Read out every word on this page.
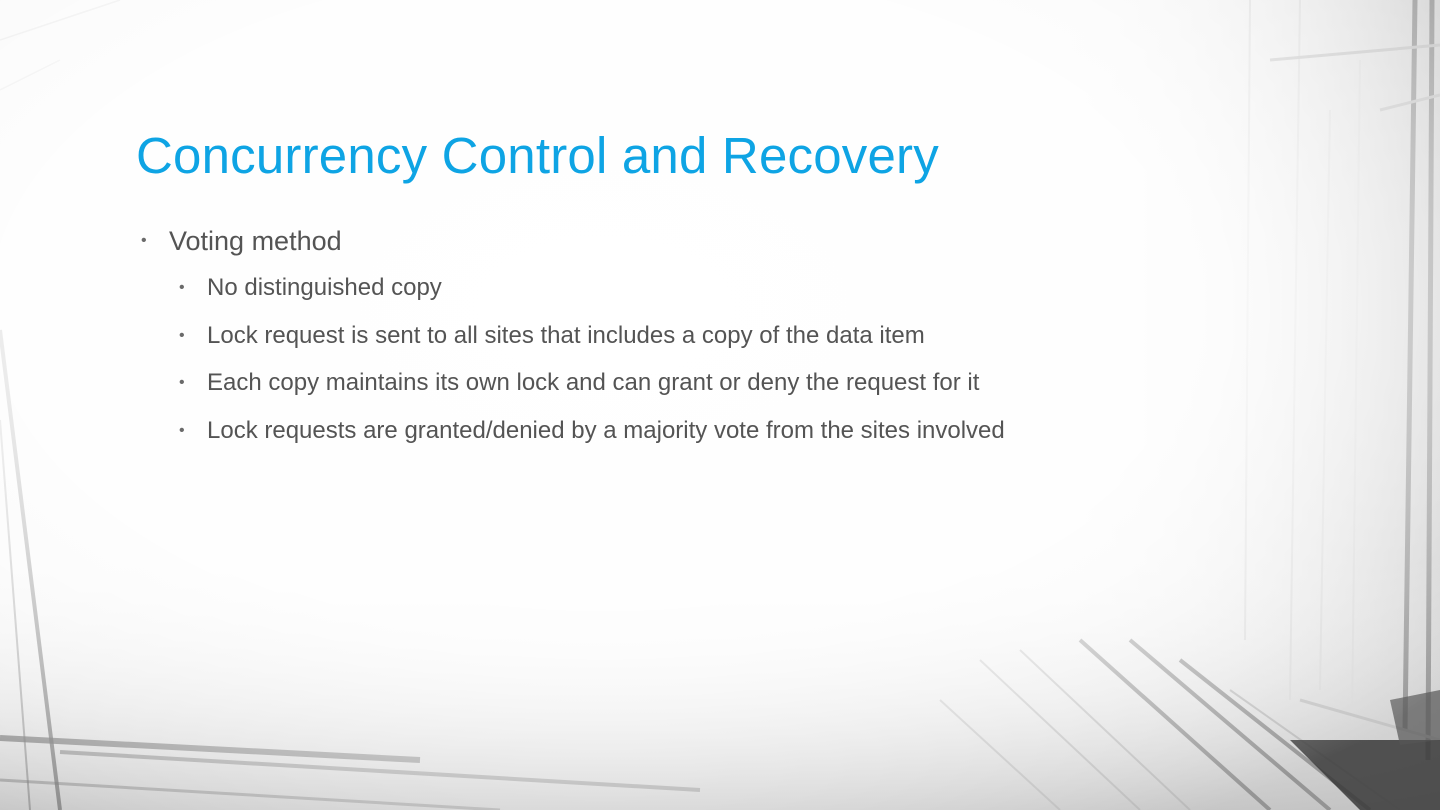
Concurrency Control and Recovery
• Voting method
• No distinguished copy
• Lock request is sent to all sites that includes a copy of the data item
• Each copy maintains its own lock and can grant or deny the request for it
• Lock requests are granted/denied by a majority vote from the sites involved
